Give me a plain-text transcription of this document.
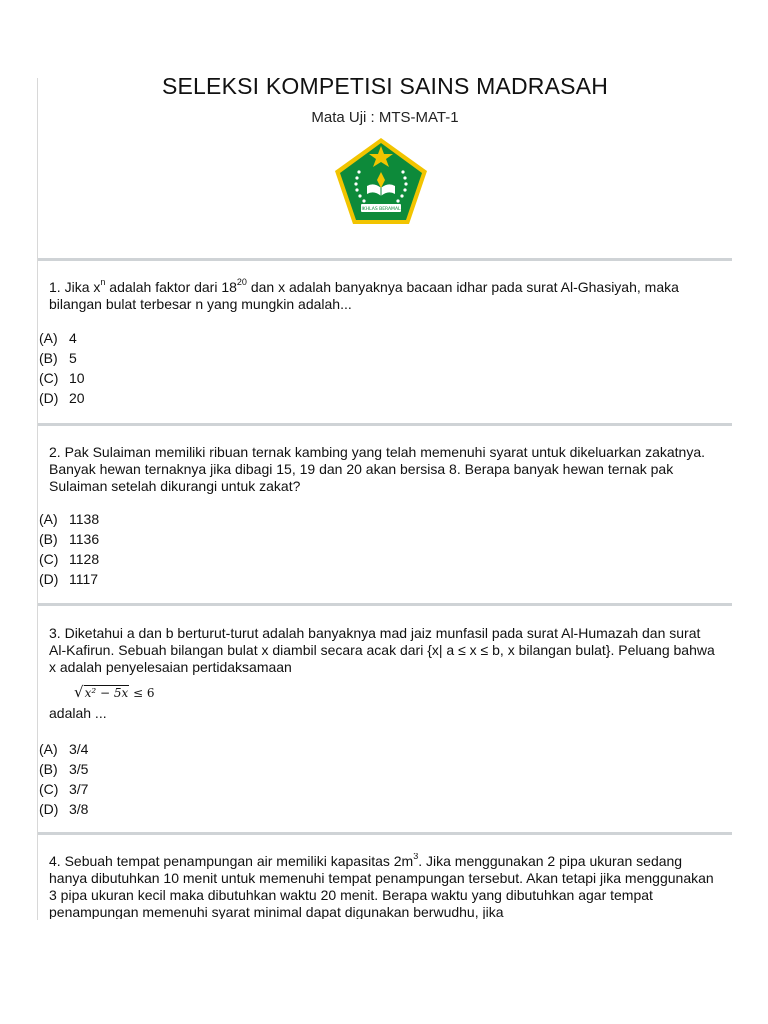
SELEKSI KOMPETISI SAINS MADRASAH
Mata Uji : MTS-MAT-1
IKHLAS BERAMAL

1. Jika $x^n$ adalah faktor dari $18^{20}$ dan x adalah banyaknya bacaan idhar pada surat Al-Ghasiyah, maka bilangan bulat terbesar n yang mungkin adalah...

(A) 4
(B) 5
(C) 10
(D) 20

2. Pak Sulaiman memiliki ribuan ternak kambing yang telah memenuhi syarat untuk dikeluarkan zakatnya. Banyak hewan ternaknya jika dibagi 15, 19 dan 20 akan bersisa 8. Berapa banyak hewan ternak pak Sulaiman setelah dikurangi untuk zakat?

(A) 1138
(B) 1136
(C) 1128
(D) 1117

3. Diketahui a dan b berturut-turut adalah banyaknya mad jaiz munfasil pada surat Al-Humazah dan surat Al-Kafirun. Sebuah bilangan bulat x diambil secara acak dari {x| a ≤ x ≤ b, x bilangan bulat}. Peluang bahwa x adalah penyelesaian pertidaksamaan

√x² − 5x ≤ 6
adalah ...
(A) 3/4
(B) 3/5
(C) 3/7
(D) 3/8

4. Sebuah tempat penampungan air memiliki kapasitas $2m^3$. Jika menggunakan 2 pipa ukuran sedang hanya dibutuhkan 10 menit untuk memenuhi tempat penampungan tersebut. Akan tetapi jika menggunakan 3 pipa ukuran kecil maka dibutuhkan waktu 20 menit. Berapa waktu yang dibutuhkan agar tempat penampungan memenuhi syarat minimal dapat digunakan berwudhu, jika
